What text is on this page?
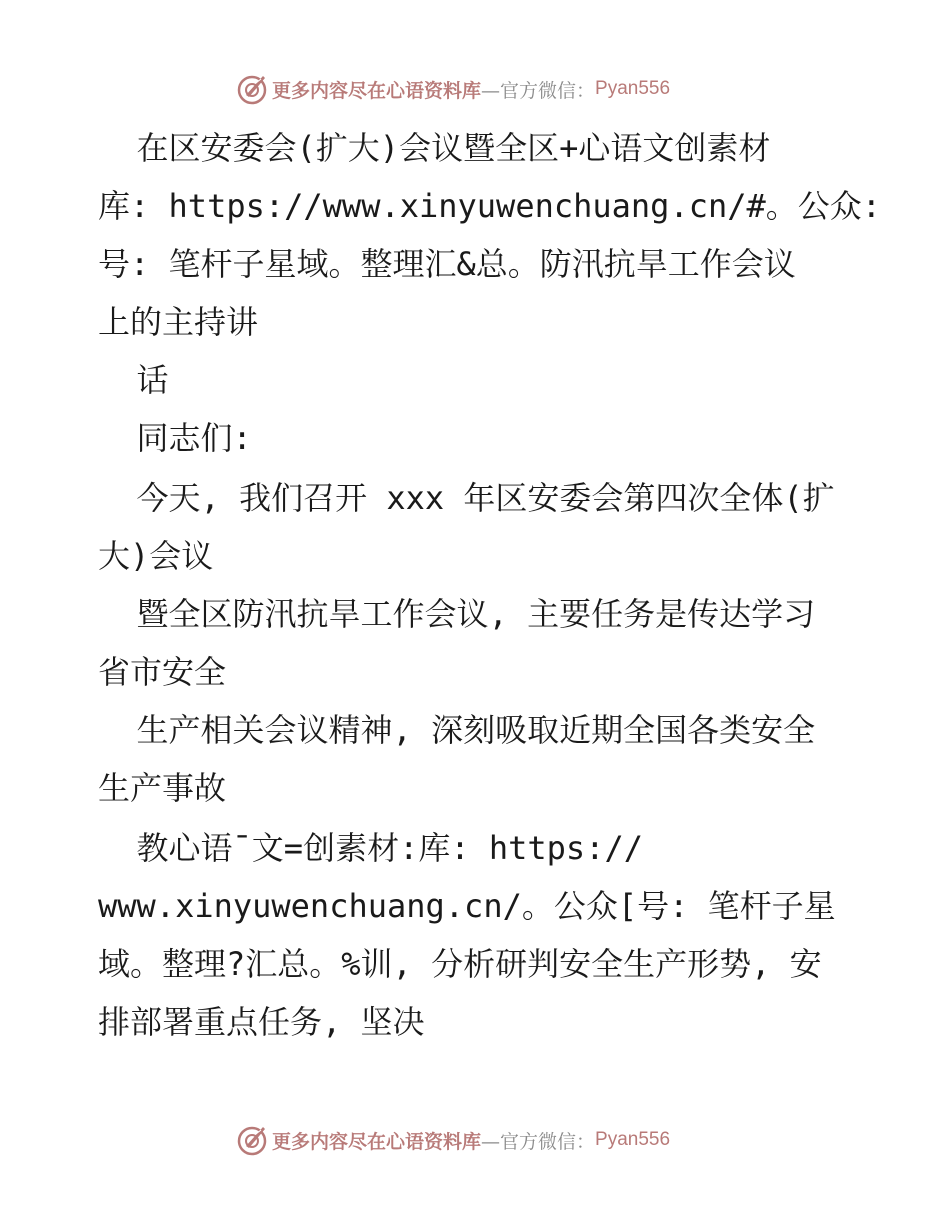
更多内容尽在心语资料库 —官方微信： Pyan556
在区安委会(扩大)会议暨全区+心语文创素材
库: https://www.xinyuwenchuang.cn/#。公众:
号: 笔杆子星域。整理汇&总。防汛抗旱工作会议
上的主持讲
话
同志们:
今天, 我们召开 xxx 年区安委会第四次全体(扩
大)会议
暨全区防汛抗旱工作会议, 主要任务是传达学习
省市安全
生产相关会议精神, 深刻吸取近期全国各类安全
生产事故
教心语¯文=创素材:库: https://
www.xinyuwenchuang.cn/。公众[号: 笔杆子星
域。整理?汇总。%训, 分析研判安全生产形势, 安
排部署重点任务, 坚决
更多内容尽在心语资料库 —官方微信： Pyan556
